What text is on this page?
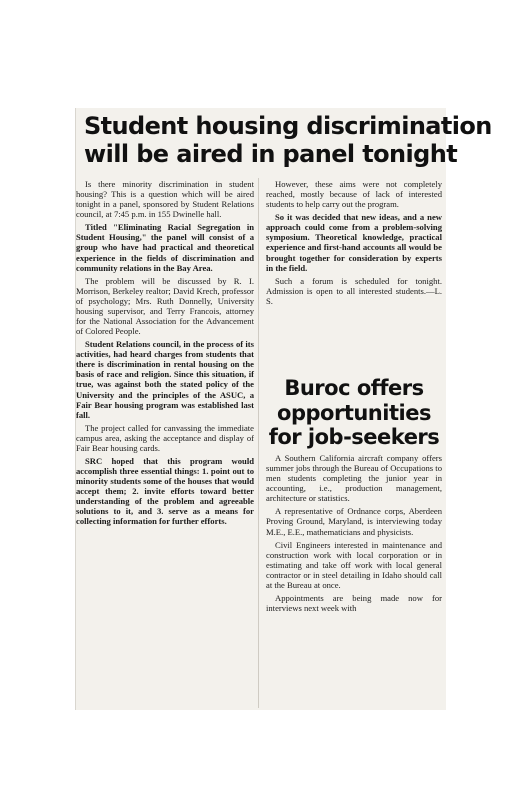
Student housing discrimination
will be aired in panel tonight

Is there minority discrimination in student housing? This is a question which will be aired tonight in a panel, sponsored by Student Relations council, at 7:45 p.m. in 155 Dwinelle hall.

Titled "Eliminating Racial Segregation in Student Housing," the panel will consist of a group who have had practical and theoretical experience in the fields of discrimination and community relations in the Bay Area.

The problem will be discussed by R. I. Morrison, Berkeley realtor; David Krech, professor of psychology; Mrs. Ruth Donnelly, University housing supervisor, and Terry Francois, attorney for the National Association for the Advancement of Colored People.

Student Relations council, in the process of its activities, had heard charges from students that there is discrimination in rental housing on the basis of race and religion. Since this situation, if true, was against both the stated policy of the University and the principles of the ASUC, a Fair Bear housing program was established last fall.

The project called for canvassing the immediate campus area, asking the acceptance and display of Fair Bear housing cards.

SRC hoped that this program would accomplish three essential things: 1. point out to minority students some of the houses that would accept them; 2. invite efforts toward better understanding of the problem and agreeable solutions to it, and 3. serve as a means for collecting information for further efforts.

However, these aims were not completely reached, mostly because of lack of interested students to help carry out the program.

So it was decided that new ideas, and a new approach could come from a problem-solving symposium. Theoretical knowledge, practical experience and first-hand accounts all would be brought together for consideration by experts in the field.

Such a forum is scheduled for tonight. Admission is open to all interested students.—L. S.

Buroc offers opportunities for job-seekers

A Southern California aircraft company offers summer jobs through the Bureau of Occupations to men students completing the junior year in accounting, i.e., production management, architecture or statistics.

A representative of Ordnance corps, Aberdeen Proving Ground, Maryland, is interviewing today M.E., E.E., mathematicians and physicists.

Civil Engineers interested in maintenance and construction work with local corporation or in estimating and take off work with local general contractor or in steel detailing in Idaho should call at the Bureau at once.

Appointments are being made now for interviews next week with
